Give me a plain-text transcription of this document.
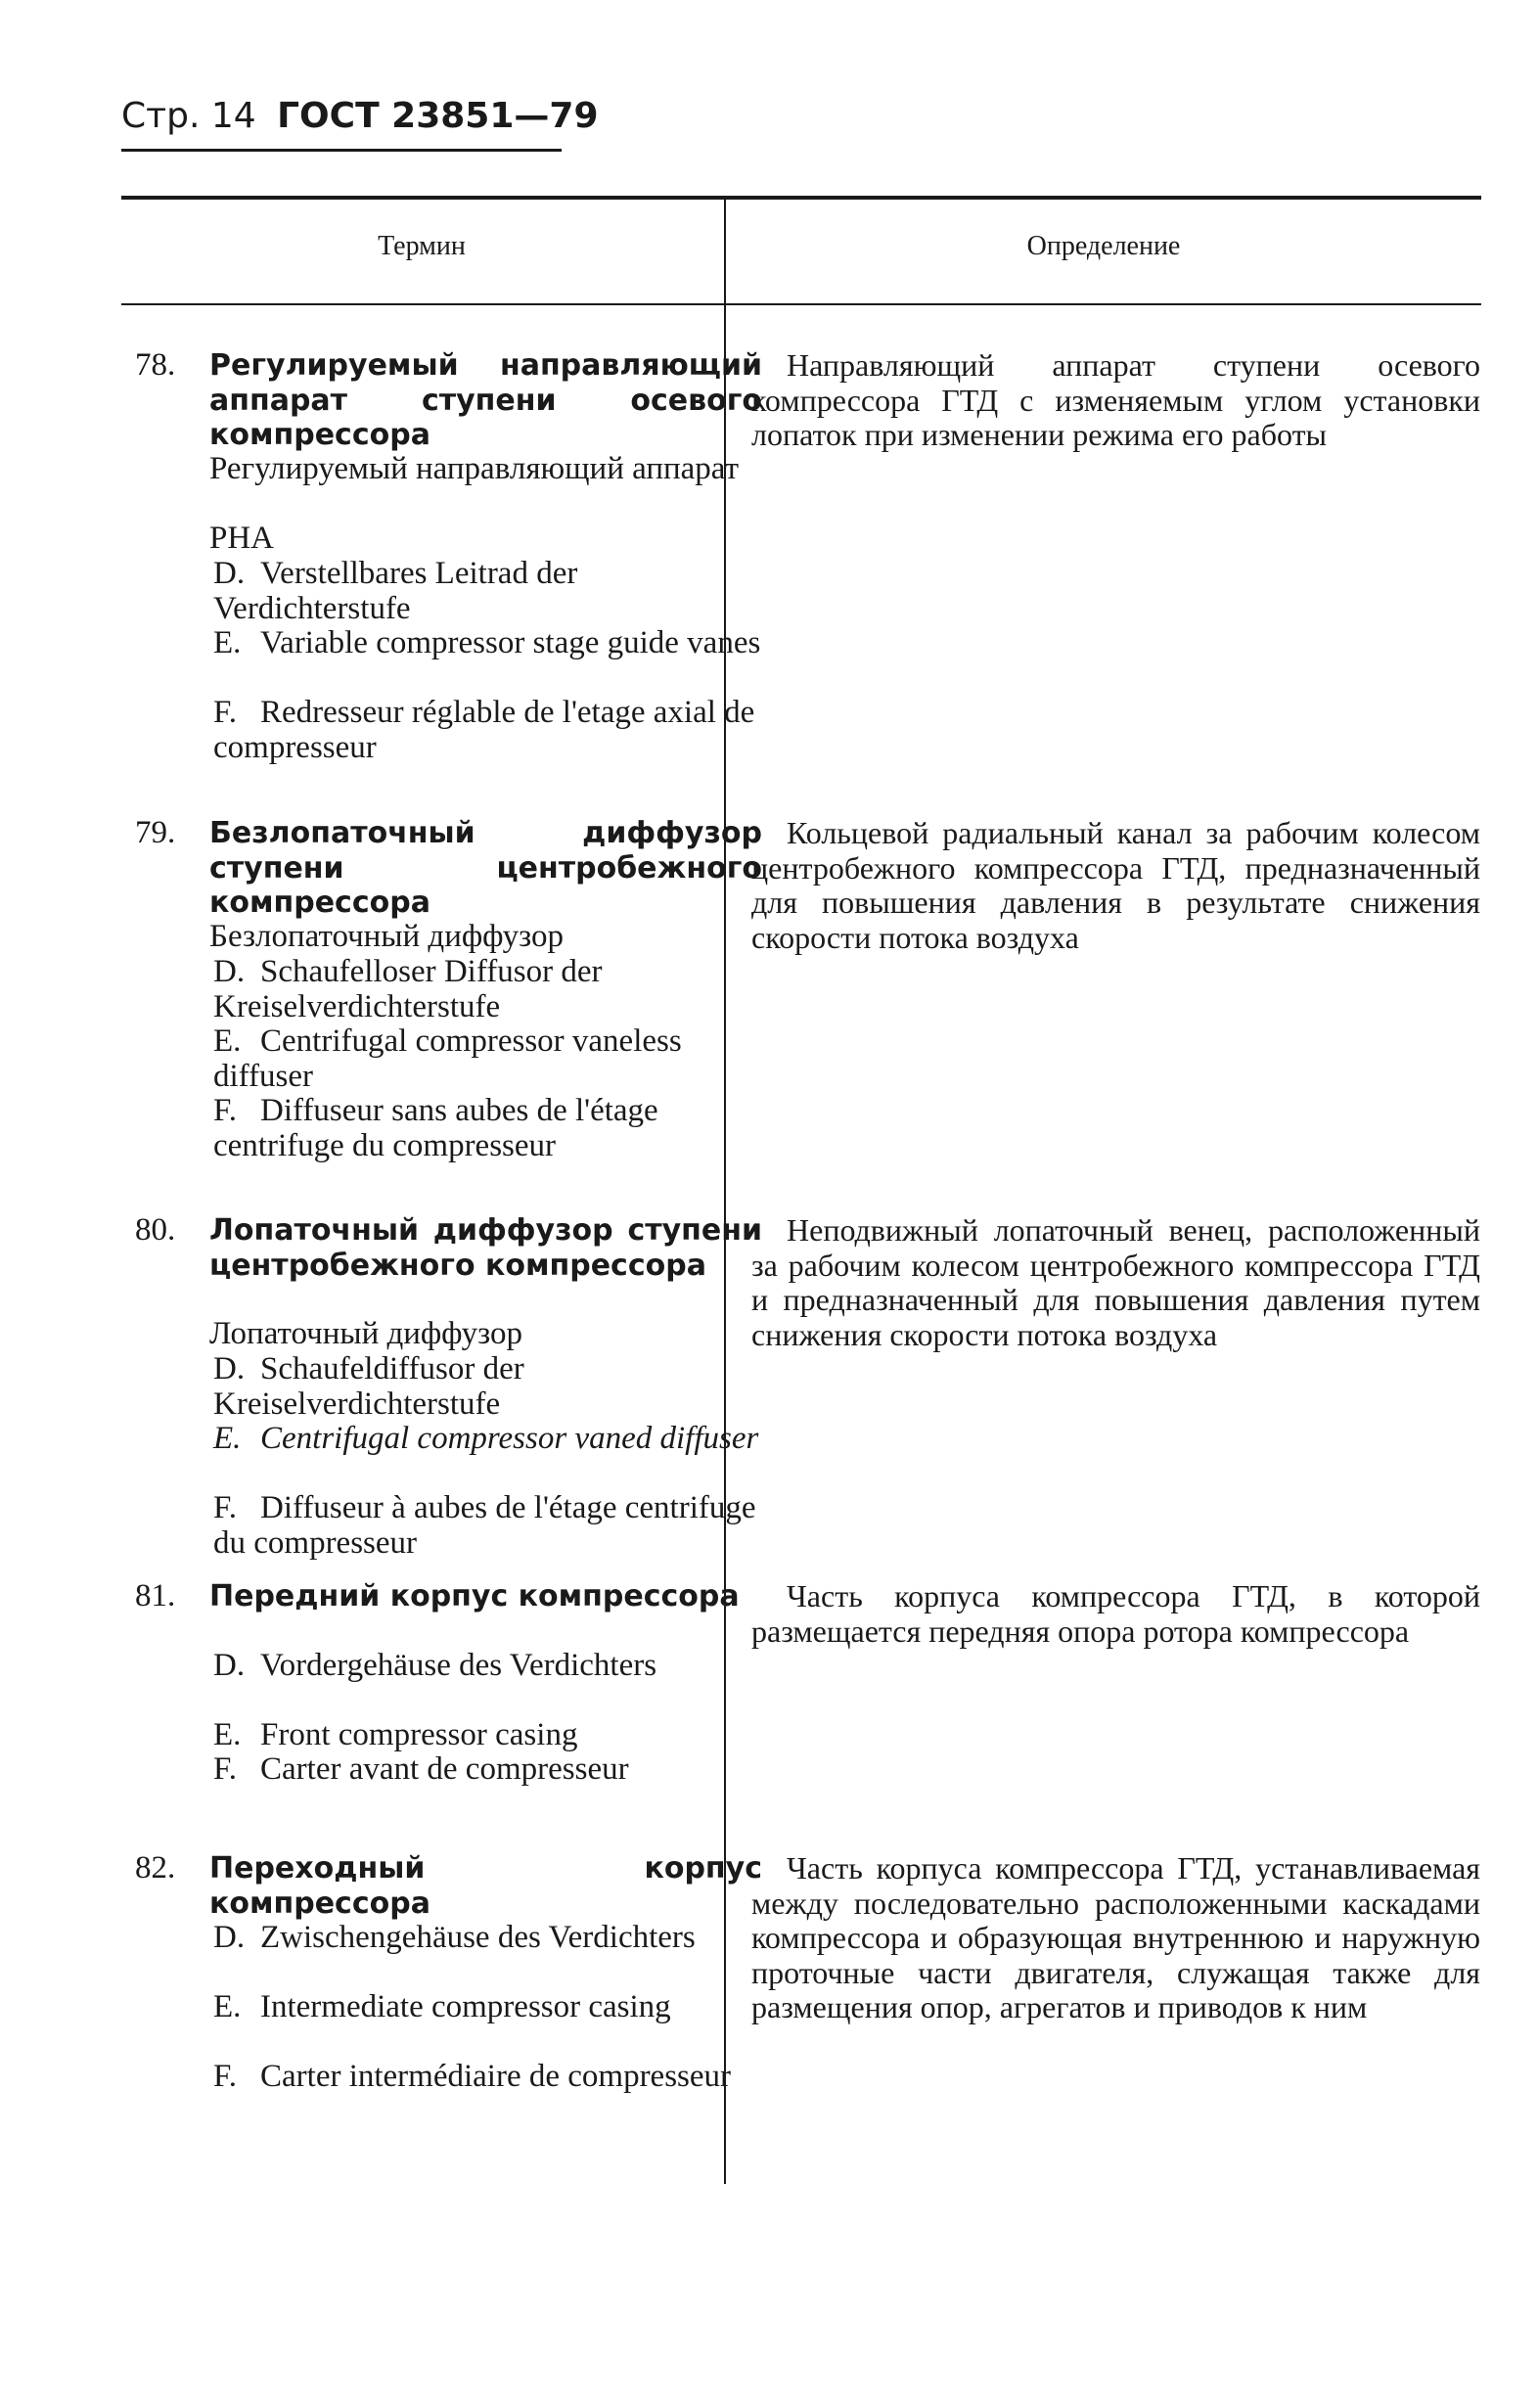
Стр. 14 ГОСТ 23851—79
Термин	Определение
78. Регулируемый направляющий аппарат ступени осевого компрессора
Регулируемый направляющий аппарат
РНА
D. Verstellbares Leitrad der Verdichterstufe
E. Variable compressor stage guide vanes
F. Redresseur réglable de l'etage axial de compresseur
Направляющий аппарат ступени осевого компрессора ГТД с изменяемым углом установки лопаток при изменении режима его работы
79. Безлопаточный диффузор ступени центробежного компрессора
Безлопаточный диффузор
D. Schaufelloser Diffusor der Kreiselverdichterstufe
E. Centrifugal compressor vaneless diffuser
F. Diffuseur sans aubes de l'étage centrifuge du compresseur
Кольцевой радиальный канал за рабочим колесом центробежного компрессора ГТД, предназначенный для повышения давления в результате снижения скорости потока воздуха
80. Лопаточный диффузор ступени центробежного компрессора
Лопаточный диффузор
D. Schaufeldiffusor der Kreiselverdichterstufe
E. Centrifugal compressor vaned diffuser
F. Diffuseur à aubes de l'étage centrifuge du compresseur
Неподвижный лопаточный венец, расположенный за рабочим колесом центробежного компрессора ГТД и предназначенный для повышения давления путем снижения скорости потока воздуха
81. Передний корпус компрессора
D. Vordergehäuse des Verdichters
E. Front compressor casing
F. Carter avant de compresseur
Часть корпуса компрессора ГТД, в которой размещается передняя опора ротора компрессора
82. Переходный корпус компрессора
D. Zwischengehäuse des Verdichters
E. Intermediate compressor casing
F. Carter intermédiaire de compresseur
Часть корпуса компрессора ГТД, устанавливаемая между последовательно расположенными каскадами компрессора и образующая внутреннюю и наружную проточные части двигателя, служащая также для размещения опор, агрегатов и приводов к ним
